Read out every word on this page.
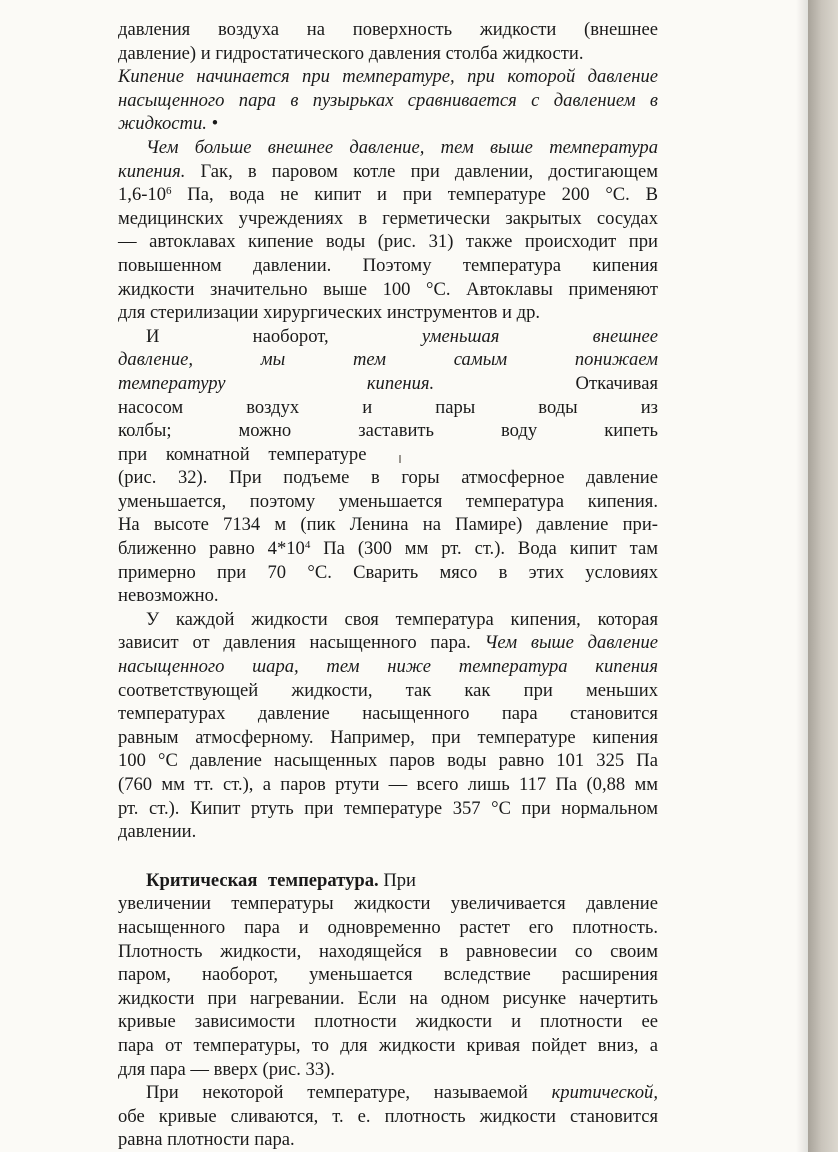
давления воздуха на поверхность жидкости (внешнее

давление) и гидростатического давления столба жидкости.

Кипение начинается при температуре, при которой давление

насыщенного пара в пузырьках сравнивается с давлением в

жидкости. •

Чем больше внешнее давление, тем выше температура

кипения. Гак, в паровом котле при давлении, достигающем

$1,6-10^6$ Па, вода не кипит и при температуре 200 °С. В

медицинских учреждениях в герметически закрытых сосудах

— автоклавах кипение воды (рис. 31) также происходит при

повышенном давлении. Поэтому температура кипения

жидкости значительно выше 100 °С. Автоклавы применяют

для стерилизации хирургических инструментов и др.

И наоборот, уменьшая внешнее

давление, мы тем самым понижаем

температуру кипения. Откачивая

насосом воздух и пары воды из

колбы; можно заставить воду кипеть

при комнатной температуре

(рис. 32). При подъеме в горы атмосферное давление

уменьшается, поэтому уменьшается температура кипения.

На высоте 7134 м (пик Ленина на Памире) давление при-

ближенно равно $4*10^4$ Па (300 мм рт. ст.). Вода кипит там

примерно при 70 °С. Сварить мясо в этих условиях

невозможно.

У каждой жидкости своя температура кипения, которая

зависит от давления насыщенного пара. Чем выше давление

насыщенного шара, тем ниже температура кипения

соответствующей жидкости, так как при меньших

температурах давление насыщенного пара становится

равным атмосферному. Например, при температуре кипения

100 °С давление насыщенных паров воды равно 101 325 Па

(760 мм тт. ст.), а паров ртути — всего лишь 117 Па (0,88 мм

рт. ст.). Кипит ртуть при температуре 357 °С при нормальном

давлении.

Критическая температура. При

увеличении температуры жидкости увеличивается давление

насыщенного пара и одновременно растет его плотность.

Плотность жидкости, находящейся в равновесии со своим

паром, наоборот, уменьшается вследствие расширения

жидкости при нагревании. Если на одном рисунке начертить

кривые зависимости плотности жидкости и плотности ее

пара от температуры, то для жидкости кривая пойдет вниз, а

для пара — вверх (рис. 33).

При некоторой температуре, называемой критической,

обе кривые сливаются, т. е. плотность жидкости становится

равна плотности пара.
